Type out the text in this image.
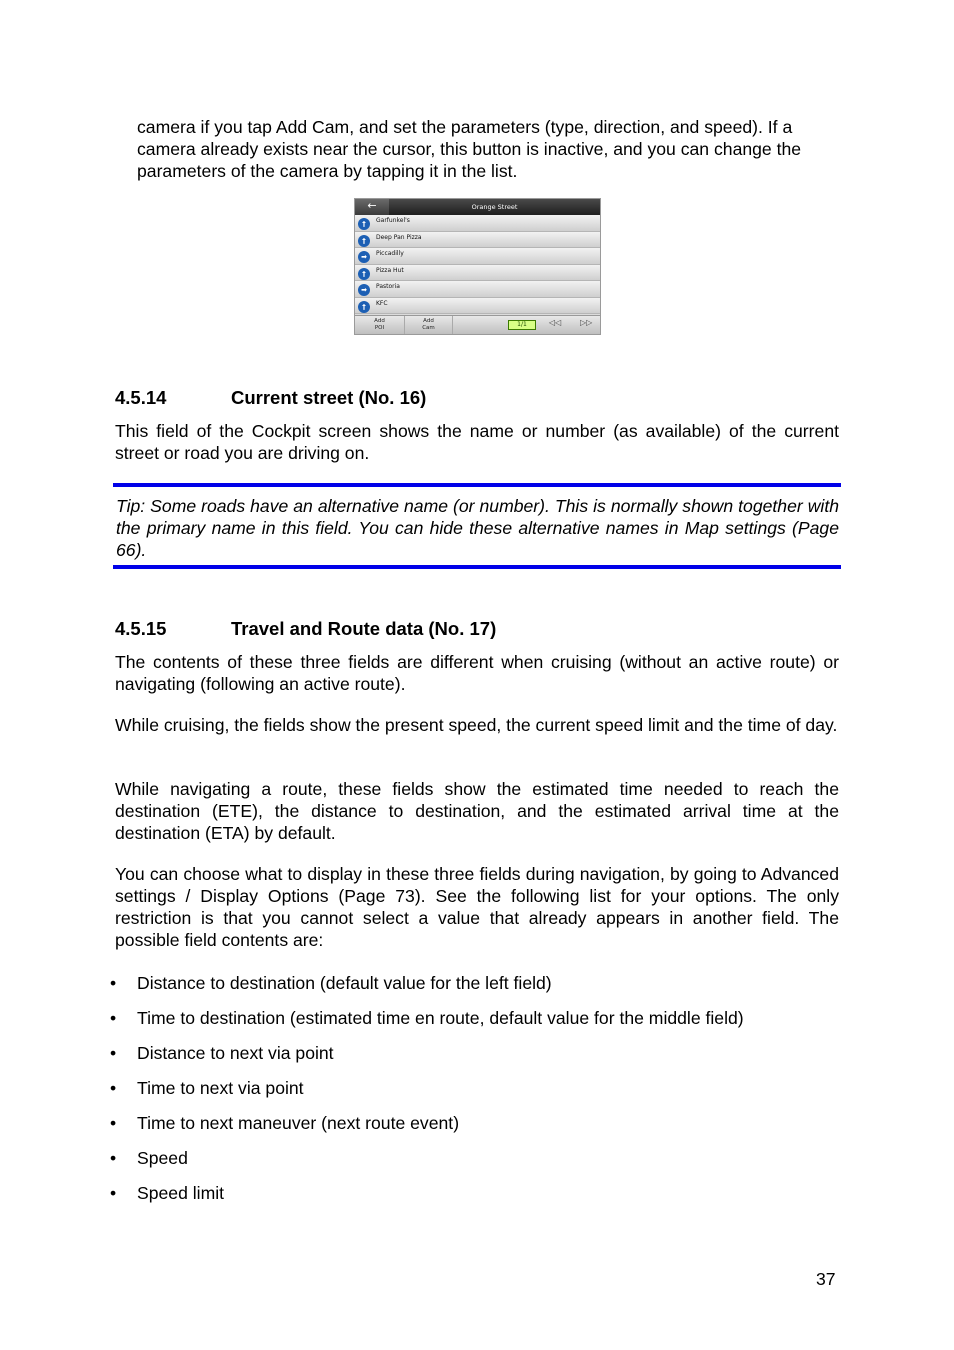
camera if you tap Add Cam, and set the parameters (type, direction, and speed). If a camera already exists near the cursor, this button is inactive, and you can change the parameters of the camera by tapping it in the list.

←	Orange Street
†	Garfunkel's
†	Deep Pan Pizza
➡	Piccadilly
†	Pizza Hut
➡	Pastoria
†	KFC
Add
POI
Add
Cam	1/1	◁◁ ▷▷
4.5.14	Current street (No. 16)

This field of the Cockpit screen shows the name or number (as available) of the current street or road you are driving on.

Tip: Some roads have an alternative name (or number). This is normally shown together with the primary name in this field. You can hide these alternative names in Map settings (Page 66).

4.5.15	Travel and Route data (No. 17)

The contents of these three fields are different when cruising (without an active route) or navigating (following an active route).

While cruising, the fields show the present speed, the current speed limit and the time of day.

While navigating a route, these fields show the estimated time needed to reach the destination (ETE), the distance to destination, and the estimated arrival time at the destination (ETA) by default.

You can choose what to display in these three fields during navigation, by going to Advanced settings / Display Options (Page 73). See the following list for your options. The only restriction is that you cannot select a value that already appears in another field. The possible field contents are:

• Distance to destination (default value for the left field)
• Time to destination (estimated time en route, default value for the middle field)
• Distance to next via point
• Time to next via point
• Time to next maneuver (next route event)
• Speed
• Speed limit
37
